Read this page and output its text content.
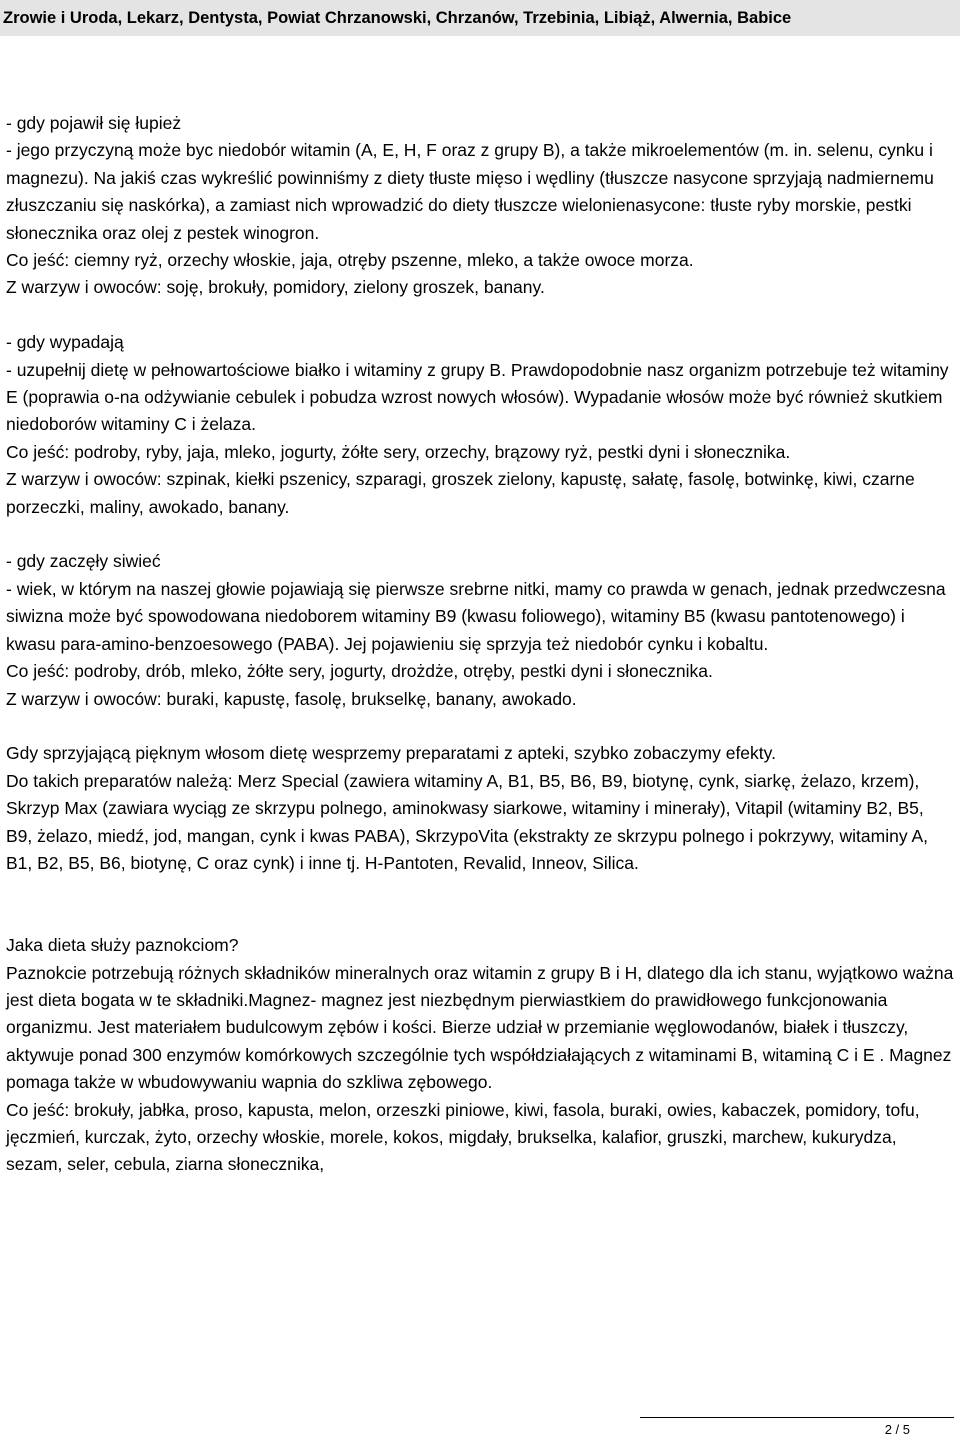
Zrowie i Uroda, Lekarz, Dentysta, Powiat Chrzanowski, Chrzanów, Trzebinia, Libiąż, Alwernia, Babice

- gdy pojawił się łupież

- jego przyczyną może byc niedobór witamin (A, E, H, F oraz z grupy B), a także mikroelementów (m. in. selenu, cynku i magnezu). Na jakiś czas wykreślić powinniśmy z diety tłuste mięso i wędliny (tłuszcze nasycone sprzyjają nadmiernemu złuszczaniu się naskórka), a zamiast nich wprowadzić do diety tłuszcze wielonienasycone: tłuste ryby morskie, pestki słonecznika oraz olej z pestek winogron.

Co jeść: ciemny ryż, orzechy włoskie, jaja, otręby pszenne, mleko, a także owoce morza.

Z warzyw i owoców: soję, brokuły, pomidory, zielony groszek, banany.

- gdy wypadają

- uzupełnij dietę w pełnowartościowe białko i witaminy z grupy B. Prawdopodobnie nasz organizm potrzebuje też witaminy E (poprawia o-na odżywianie cebulek i pobudza wzrost nowych włosów). Wypadanie włosów może być również skutkiem niedoborów witaminy C i żelaza.

Co jeść: podroby, ryby, jaja, mleko, jogurty, żółte sery, orzechy, brązowy ryż, pestki dyni i słonecznika.

Z warzyw i owoców: szpinak, kiełki pszenicy, szparagi, groszek zielony, kapustę, sałatę, fasolę, botwinkę, kiwi, czarne porzeczki, maliny, awokado, banany.

- gdy zaczęły siwieć

- wiek, w którym na naszej głowie pojawiają się pierwsze srebrne nitki, mamy co prawda w genach, jednak przedwczesna siwizna może być spowodowana niedoborem witaminy B9 (kwasu foliowego), witaminy B5 (kwasu pantotenowego) i kwasu para-amino-benzoesowego (PABA). Jej pojawieniu się sprzyja też niedobór cynku i kobaltu.

Co jeść: podroby, drób, mleko, żółte sery, jogurty, drożdże, otręby, pestki dyni i słonecznika.

Z warzyw i owoców: buraki, kapustę, fasolę, brukselkę, banany, awokado.

Gdy sprzyjającą pięknym włosom dietę wesprzemy preparatami z apteki, szybko zobaczymy efekty.

Do takich preparatów należą: Merz Special (zawiera witaminy A, B1, B5, B6, B9, biotynę, cynk, siarkę, żelazo, krzem), Skrzyp Max (zawiara wyciąg ze skrzypu polnego, aminokwasy siarkowe, witaminy i minerały), Vitapil (witaminy B2, B5, B9, żelazo, miedź, jod, mangan, cynk i kwas PABA), SkrzypoVita (ekstrakty ze skrzypu polnego i pokrzywy, witaminy A, B1, B2, B5, B6, biotynę, C oraz cynk) i inne tj. H-Pantoten, Revalid, Inneov, Silica.

Jaka dieta służy paznokciom?

Paznokcie potrzebują różnych składników mineralnych oraz witamin z grupy B i H, dlatego dla ich stanu, wyjątkowo ważna jest dieta bogata w te składniki.Magnez- magnez jest niezbędnym pierwiastkiem do prawidłowego funkcjonowania organizmu. Jest materiałem budulcowym zębów i kości. Bierze udział w przemianie węglowodanów, białek i tłuszczy, aktywuje ponad 300 enzymów komórkowych szczególnie tych współdziałających z witaminami B, witaminą C i E . Magnez pomaga także w wbudowywaniu wapnia do szkliwa zębowego.

Co jeść: brokuły, jabłka, proso, kapusta, melon, orzeszki piniowe, kiwi, fasola, buraki, owies, kabaczek, pomidory, tofu, jęczmień, kurczak, żyto, orzechy włoskie, morele, kokos, migdały, brukselka, kalafior, gruszki, marchew, kukurydza, sezam, seler, cebula, ziarna słonecznika,

2 / 5
